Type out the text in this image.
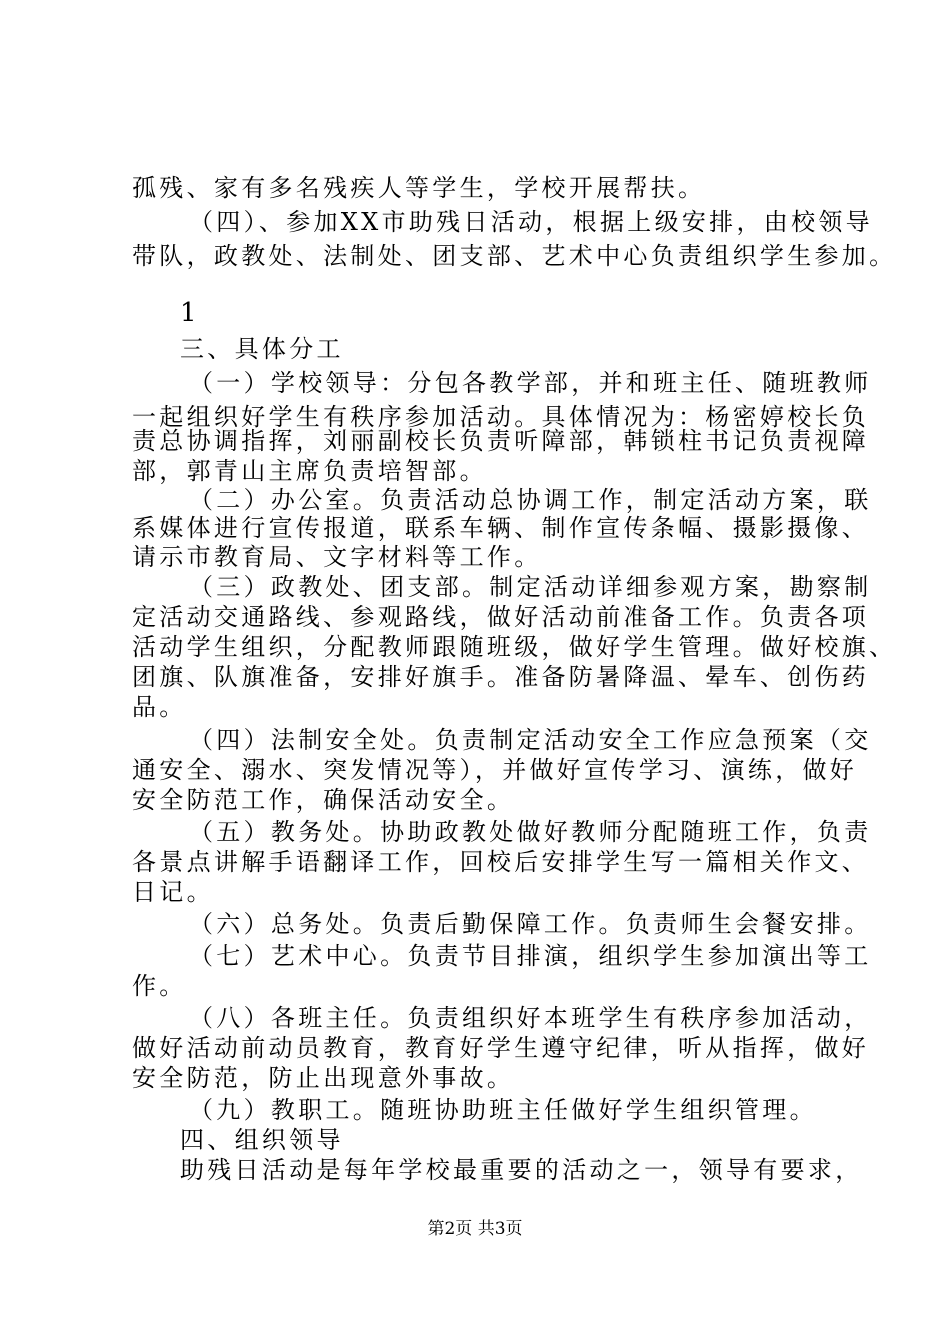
孤残、家有多名残疾人等学生，学校开展帮扶。
（四）、参加XX市助残日活动，根据上级安排，由校领导
带队，政教处、法制处、团支部、艺术中心负责组织学生参加。
1
三、具体分工
（一）学校领导：分包各教学部，并和班主任、随班教师
一起组织好学生有秩序参加活动。具体情况为：杨密婷校长负
责总协调指挥，刘丽副校长负责听障部，韩锁柱书记负责视障
部，郭青山主席负责培智部。
（二）办公室。负责活动总协调工作，制定活动方案，联
系媒体进行宣传报道，联系车辆、制作宣传条幅、摄影摄像、
请示市教育局、文字材料等工作。
（三）政教处、团支部。制定活动详细参观方案，勘察制
定活动交通路线、参观路线，做好活动前准备工作。负责各项
活动学生组织，分配教师跟随班级，做好学生管理。做好校旗、
团旗、队旗准备，安排好旗手。准备防暑降温、晕车、创伤药
品。
（四）法制安全处。负责制定活动安全工作应急预案（交
通安全、溺水、突发情况等），并做好宣传学习、演练，做好
安全防范工作，确保活动安全。
（五）教务处。协助政教处做好教师分配随班工作，负责
各景点讲解手语翻译工作，回校后安排学生写一篇相关作文、
日记。
（六）总务处。负责后勤保障工作。负责师生会餐安排。
（七）艺术中心。负责节目排演，组织学生参加演出等工
作。
（八）各班主任。负责组织好本班学生有秩序参加活动，
做好活动前动员教育，教育好学生遵守纪律，听从指挥，做好
安全防范，防止出现意外事故。
（九）教职工。随班协助班主任做好学生组织管理。
四、组织领导
助残日活动是每年学校最重要的活动之一，领导有要求，
第2页 共3页
